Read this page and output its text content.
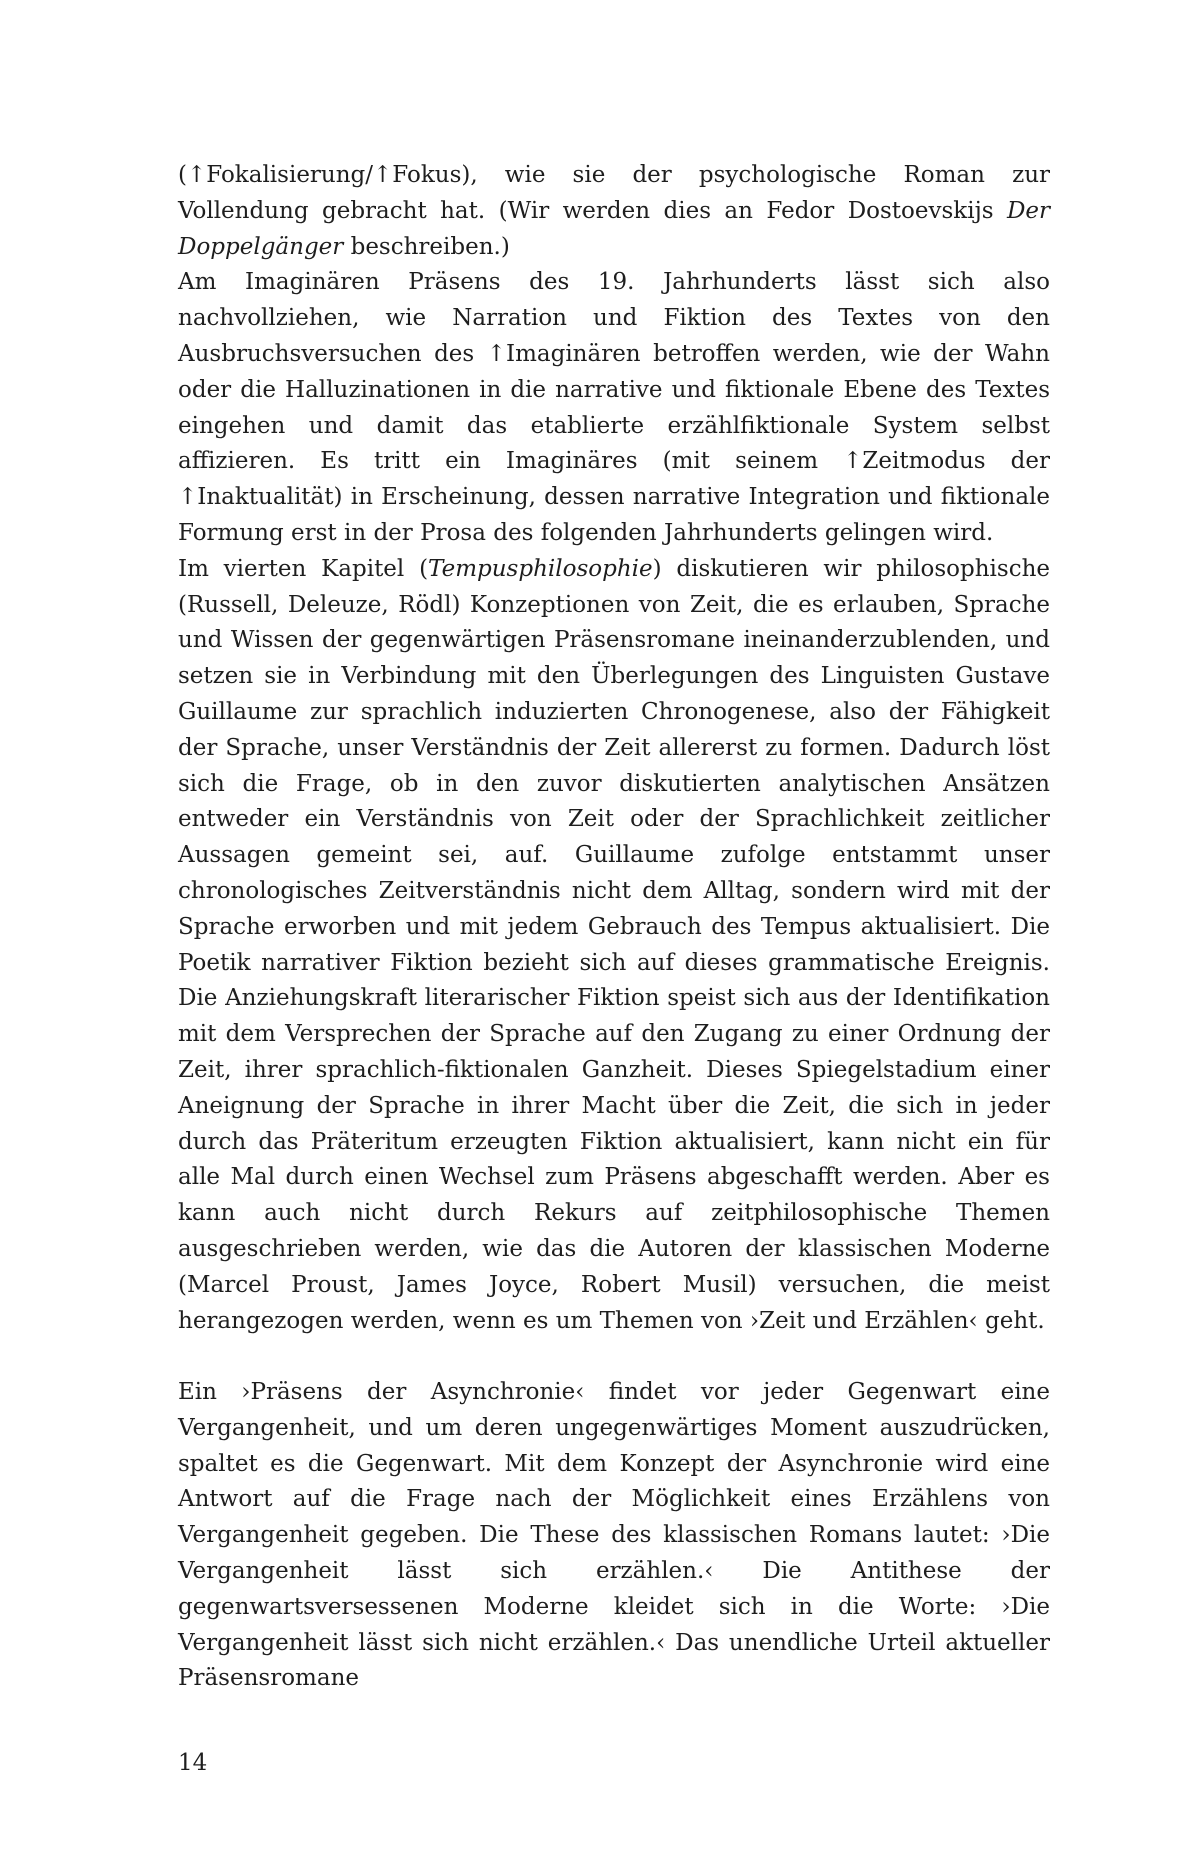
(↑Fokalisierung/↑Fokus), wie sie der psychologische Roman zur Vollendung gebracht hat. (Wir werden dies an Fedor Dostoevskijs Der Doppelgänger beschreiben.)

Am Imaginären Präsens des 19. Jahrhunderts lässt sich also nachvollziehen, wie Narration und Fiktion des Textes von den Ausbruchsversuchen des ↑Imaginären betroffen werden, wie der Wahn oder die Halluzinationen in die narrative und fiktionale Ebene des Textes eingehen und damit das etablierte erzählfiktionale System selbst affizieren. Es tritt ein Imaginäres (mit seinem ↑Zeitmodus der ↑Inaktualität) in Erscheinung, dessen narrative Integration und fiktionale Formung erst in der Prosa des folgenden Jahrhunderts gelingen wird.

Im vierten Kapitel (Tempusphilosophie) diskutieren wir philosophische (Russell, Deleuze, Rödl) Konzeptionen von Zeit, die es erlauben, Sprache und Wissen der gegenwärtigen Präsensromane ineinanderzublenden, und setzen sie in Verbindung mit den Überlegungen des Linguisten Gustave Guillaume zur sprachlich induzierten Chronogenese, also der Fähigkeit der Sprache, unser Verständnis der Zeit allererst zu formen. Dadurch löst sich die Frage, ob in den zuvor diskutierten analytischen Ansätzen entweder ein Verständnis von Zeit oder der Sprachlichkeit zeitlicher Aussagen gemeint sei, auf. Guillaume zufolge entstammt unser chronologisches Zeitverständnis nicht dem Alltag, sondern wird mit der Sprache erworben und mit jedem Gebrauch des Tempus aktualisiert. Die Poetik narrativer Fiktion bezieht sich auf dieses grammatische Ereignis. Die Anziehungskraft literarischer Fiktion speist sich aus der Identifikation mit dem Versprechen der Sprache auf den Zugang zu einer Ordnung der Zeit, ihrer sprachlich-fiktionalen Ganzheit. Dieses Spiegelstadium einer Aneignung der Sprache in ihrer Macht über die Zeit, die sich in jeder durch das Präteritum erzeugten Fiktion aktualisiert, kann nicht ein für alle Mal durch einen Wechsel zum Präsens abgeschafft werden. Aber es kann auch nicht durch Rekurs auf zeitphilosophische Themen ausgeschrieben werden, wie das die Autoren der klassischen Moderne (Marcel Proust, James Joyce, Robert Musil) versuchen, die meist herangezogen werden, wenn es um Themen von ›Zeit und Erzählen‹ geht.

Ein ›Präsens der Asynchronie‹ findet vor jeder Gegenwart eine Vergangenheit, und um deren ungegenwärtiges Moment auszudrücken, spaltet es die Gegenwart. Mit dem Konzept der Asynchronie wird eine Antwort auf die Frage nach der Möglichkeit eines Erzählens von Vergangenheit gegeben. Die These des klassischen Romans lautet: ›Die Vergangenheit lässt sich erzählen.‹ Die Antithese der gegenwartsversessenen Moderne kleidet sich in die Worte: ›Die Vergangenheit lässt sich nicht erzählen.‹ Das unendliche Urteil aktueller Präsensromane

14
